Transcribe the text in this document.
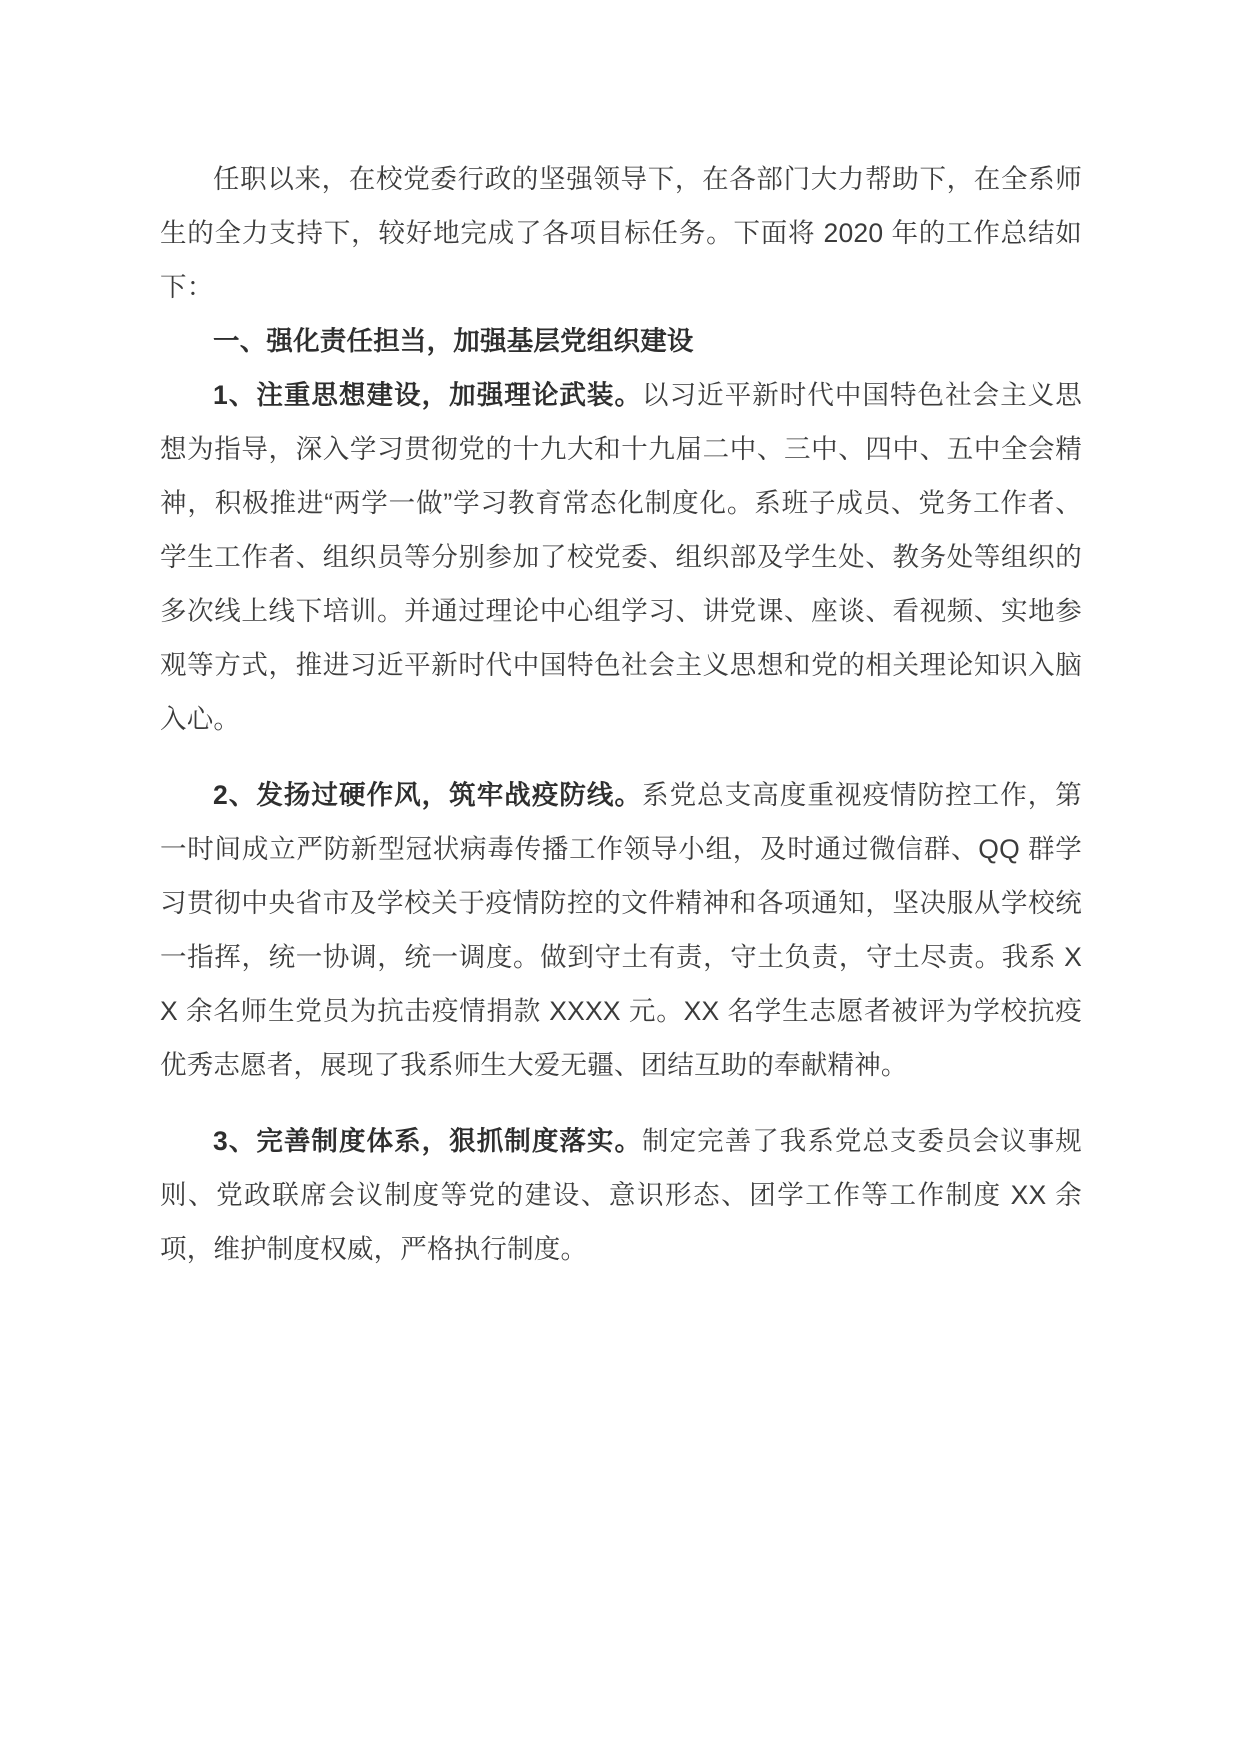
任职以来，在校党委行政的坚强领导下，在各部门大力帮助下，在全系师生的全力支持下，较好地完成了各项目标任务。下面将 2020 年的工作总结如下：

一、强化责任担当，加强基层党组织建设

1、注重思想建设，加强理论武装。以习近平新时代中国特色社会主义思想为指导，深入学习贯彻党的十九大和十九届二中、三中、四中、五中全会精神，积极推进“两学一做”学习教育常态化制度化。系班子成员、党务工作者、学生工作者、组织员等分别参加了校党委、组织部及学生处、教务处等组织的多次线上线下培训。并通过理论中心组学习、讲党课、座谈、看视频、实地参观等方式，推进习近平新时代中国特色社会主义思想和党的相关理论知识入脑入心。

2、发扬过硬作风，筑牢战疫防线。系党总支高度重视疫情防控工作，第一时间成立严防新型冠状病毒传播工作领导小组，及时通过微信群、QQ 群学习贯彻中央省市及学校关于疫情防控的文件精神和各项通知，坚决服从学校统一指挥，统一协调，统一调度。做到守土有责，守土负责，守土尽责。我系 XX 余名师生党员为抗击疫情捐款 XXXX 元。XX 名学生志愿者被评为学校抗疫优秀志愿者，展现了我系师生大爱无疆、团结互助的奉献精神。

3、完善制度体系，狠抓制度落实。制定完善了我系党总支委员会议事规则、党政联席会议制度等党的建设、意识形态、团学工作等工作制度 XX 余项，维护制度权威，严格执行制度。
